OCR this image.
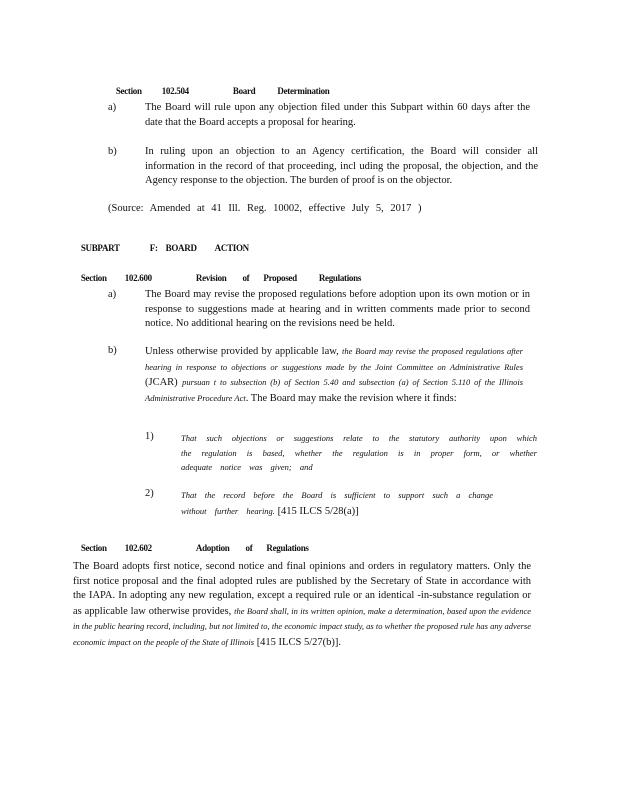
Section 102.504	Board Determination

a)	The Board will rule upon any objection filed under this Subpart within 60 days after the date that the Board accepts a proposal for hearing.
b)	In ruling upon an objection to an Agency certification, the Board will consider all information in the record of that proceeding, incl uding the proposal, the objection, and the Agency response to the objection. The burden of proof is on the objector.
(Source: Amended at 41 Ill. Reg. 10002, effective July 5, 2017 )

SUBPART	F: BOARD ACTION

Section 102.600	Revision of Proposed Regulations

a)	The Board may revise the proposed regulations before adoption upon its own motion or in response to suggestions made at hearing and in written comments made prior to second notice. No additional hearing on the revisions need be held.
b)	Unless otherwise provided by applicable law, the Board may revise the proposed regulations after hearing in response to objections or suggestions made by the Joint Committee on Administrative Rules (JCAR) pursuan t to subsection (b) of Section 5.40 and subsection (a) of Section 5.110 of the Illinois Administrative Procedure Act. The Board may make the revision where it finds:
1)	That such objections or suggestions relate to the statutory authority upon which the regulation is based, whether the regulation is in proper form, or whether adequate notice was given; and
2)	That the record before the Board is sufficient to support such a change without further hearing. [415 ILCS 5/28(a)]

Section 102.602	Adoption of Regulations

The Board adopts first notice, second notice and final opinions and orders in regulatory matters. Only the first notice proposal and the final adopted rules are published by the Secretary of State in accordance with the IAPA. In adopting any new regulation, except a required rule or an identical -in-substance regulation or as applicable law otherwise provides, the Board shall, in its written opinion, make a determination, based upon the evidence in the public hearing record, including, but not limited to, the economic impact study, as to whether the proposed rule has any adverse economic impact on the people of the State of Illinois [415 ILCS 5/27(b)].
